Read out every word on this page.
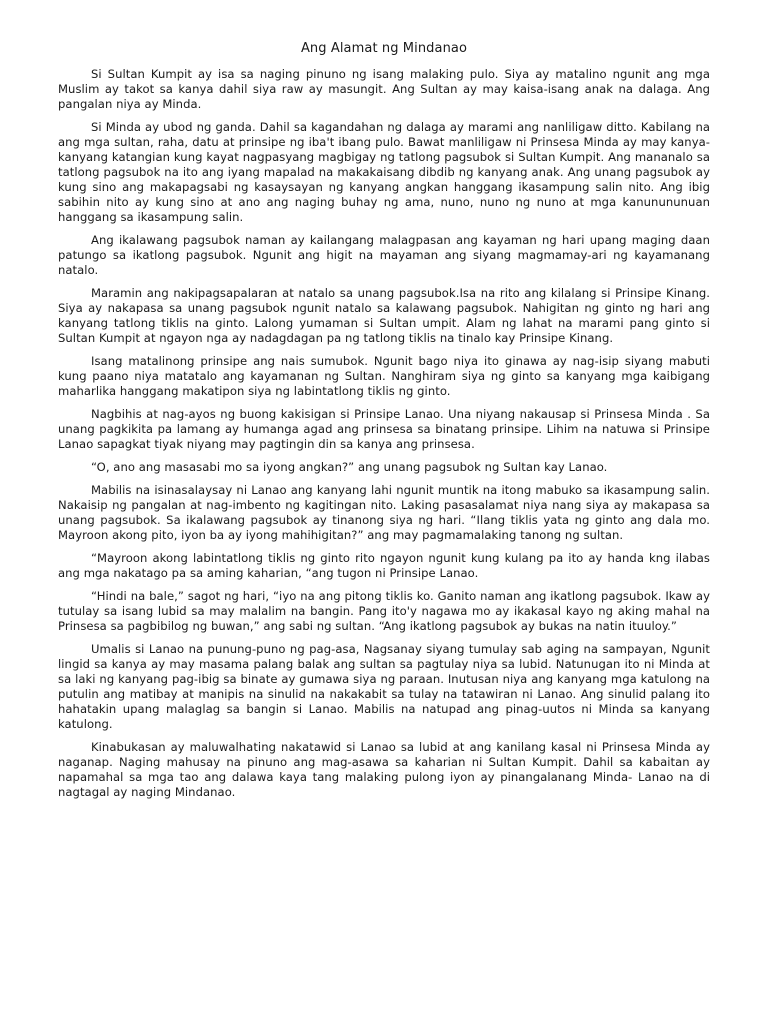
Ang Alamat ng Mindanao

Si Sultan Kumpit ay isa sa naging pinuno ng isang malaking pulo. Siya ay matalino ngunit ang mga Muslim ay takot sa kanya dahil siya raw ay masungit. Ang Sultan ay may kaisa-isang anak na dalaga. Ang pangalan niya ay Minda.

Si Minda ay ubod ng ganda. Dahil sa kagandahan ng dalaga ay marami ang nanliligaw ditto. Kabilang na ang mga sultan, raha, datu at prinsipe ng iba't ibang pulo. Bawat manliligaw ni Prinsesa Minda ay may kanya-kanyang katangian kung kayat nagpasyang magbigay ng tatlong pagsubok si Sultan Kumpit. Ang mananalo sa tatlong pagsubok na ito ang iyang mapalad na makakaisang dibdib ng kanyang anak. Ang unang pagsubok ay kung sino ang makapagsabi ng kasaysayan ng kanyang angkan hanggang ikasampung salin nito. Ang ibig sabihin nito ay kung sino at ano ang naging buhay ng ama, nuno, nuno ng nuno at mga kanunununuan hanggang sa ikasampung salin.

Ang ikalawang pagsubok naman ay kailangang malagpasan ang kayaman ng hari upang maging daan patungo sa ikatlong pagsubok. Ngunit ang higit na mayaman ang siyang magmamay-ari ng kayamanang natalo.

Maramin ang nakipagsapalaran at natalo sa unang pagsubok.Isa na rito ang kilalang si Prinsipe Kinang. Siya ay nakapasa sa unang pagsubok ngunit natalo sa kalawang pagsubok. Nahigitan ng ginto ng hari ang kanyang tatlong tiklis na ginto. Lalong yumaman si Sultan umpit. Alam ng lahat na marami pang ginto si Sultan Kumpit at ngayon nga ay nadagdagan pa ng tatlong tiklis na tinalo kay Prinsipe Kinang.

Isang matalinong prinsipe ang nais sumubok. Ngunit bago niya ito ginawa ay nag-isip siyang mabuti kung paano niya matatalo ang kayamanan ng Sultan. Nanghiram siya ng ginto sa kanyang mga kaibigang maharlika hanggang makatipon siya ng labintatlong tiklis ng ginto.

Nagbihis at nag-ayos ng buong kakisigan si Prinsipe Lanao. Una niyang nakausap si Prinsesa Minda . Sa unang pagkikita pa lamang ay humanga agad ang prinsesa sa binatang prinsipe. Lihim na natuwa si Prinsipe Lanao sapagkat tiyak niyang may pagtingin din sa kanya ang prinsesa.

“O, ano ang masasabi mo sa iyong angkan?” ang unang pagsubok ng Sultan kay Lanao.

Mabilis na isinasalaysay ni Lanao ang kanyang lahi ngunit muntik na itong mabuko sa ikasampung salin. Nakaisip ng pangalan at nag-imbento ng kagitingan nito. Laking pasasalamat niya nang siya ay makapasa sa unang pagsubok. Sa ikalawang pagsubok ay tinanong siya ng hari. “Ilang tiklis yata ng ginto ang dala mo. Mayroon akong pito, iyon ba ay iyong mahihigitan?” ang may pagmamalaking tanong ng sultan.

“Mayroon akong labintatlong tiklis ng ginto rito ngayon ngunit kung kulang pa ito ay handa kng ilabas ang mga nakatago pa sa aming kaharian, “ang tugon ni Prinsipe Lanao.

“Hindi na bale,” sagot ng hari, “iyo na ang pitong tiklis ko. Ganito naman ang ikatlong pagsubok. Ikaw ay tutulay sa isang lubid sa may malalim na bangin. Pang ito'y nagawa mo ay ikakasal kayo ng aking mahal na Prinsesa sa pagbibilog ng buwan,” ang sabi ng sultan. “Ang ikatlong pagsubok ay bukas na natin ituuloy.”

Umalis si Lanao na punung-puno ng pag-asa, Nagsanay siyang tumulay sab aging na sampayan, Ngunit lingid sa kanya ay may masama palang balak ang sultan sa pagtulay niya sa lubid. Natunugan ito ni Minda at sa laki ng kanyang pag-ibig sa binate ay gumawa siya ng paraan. Inutusan niya ang kanyang mga katulong na putulin ang matibay at manipis na sinulid na nakakabit sa tulay na tatawiran ni Lanao. Ang sinulid palang ito hahatakin upang malaglag sa bangin si Lanao. Mabilis na natupad ang pinag-uutos ni Minda sa kanyang katulong.

Kinabukasan ay maluwalhating nakatawid si Lanao sa lubid at ang kanilang kasal ni Prinsesa Minda ay naganap. Naging mahusay na pinuno ang mag-asawa sa kaharian ni Sultan Kumpit. Dahil sa kabaitan ay napamahal sa mga tao ang dalawa kaya tang malaking pulong iyon ay pinangalanang Minda- Lanao na di nagtagal ay naging Mindanao.
